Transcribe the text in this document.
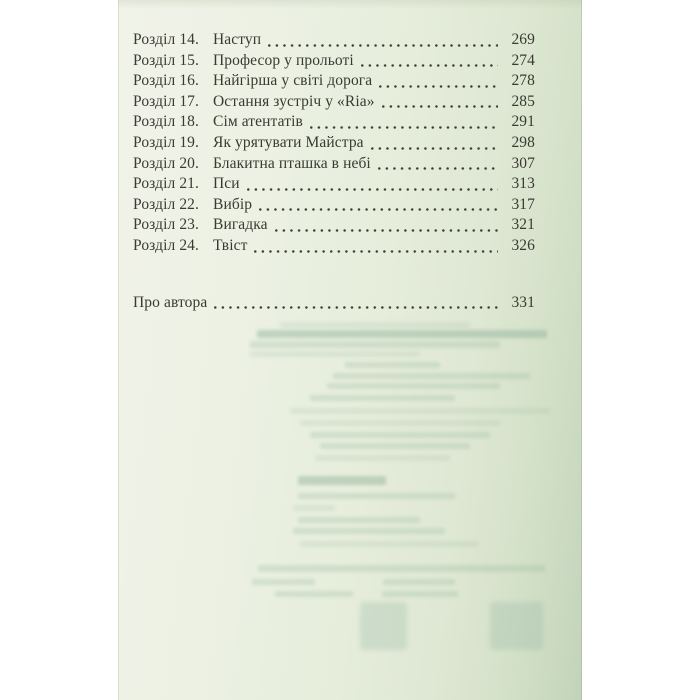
Розділ 14. Наступ	269
Розділ 15. Професор у прольоті	274
Розділ 16. Найгірша у світі дорога	278
Розділ 17. Остання зустріч у «Ria»	285
Розділ 18. Сім атентатів	291
Розділ 19. Як урятувати Майстра	298
Розділ 20. Блакитна пташка в небі	307
Розділ 21. Пси	313
Розділ 22. Вибір	317
Розділ 23. Вигадка	321
Розділ 24. Твіст	326
Про автора	331
